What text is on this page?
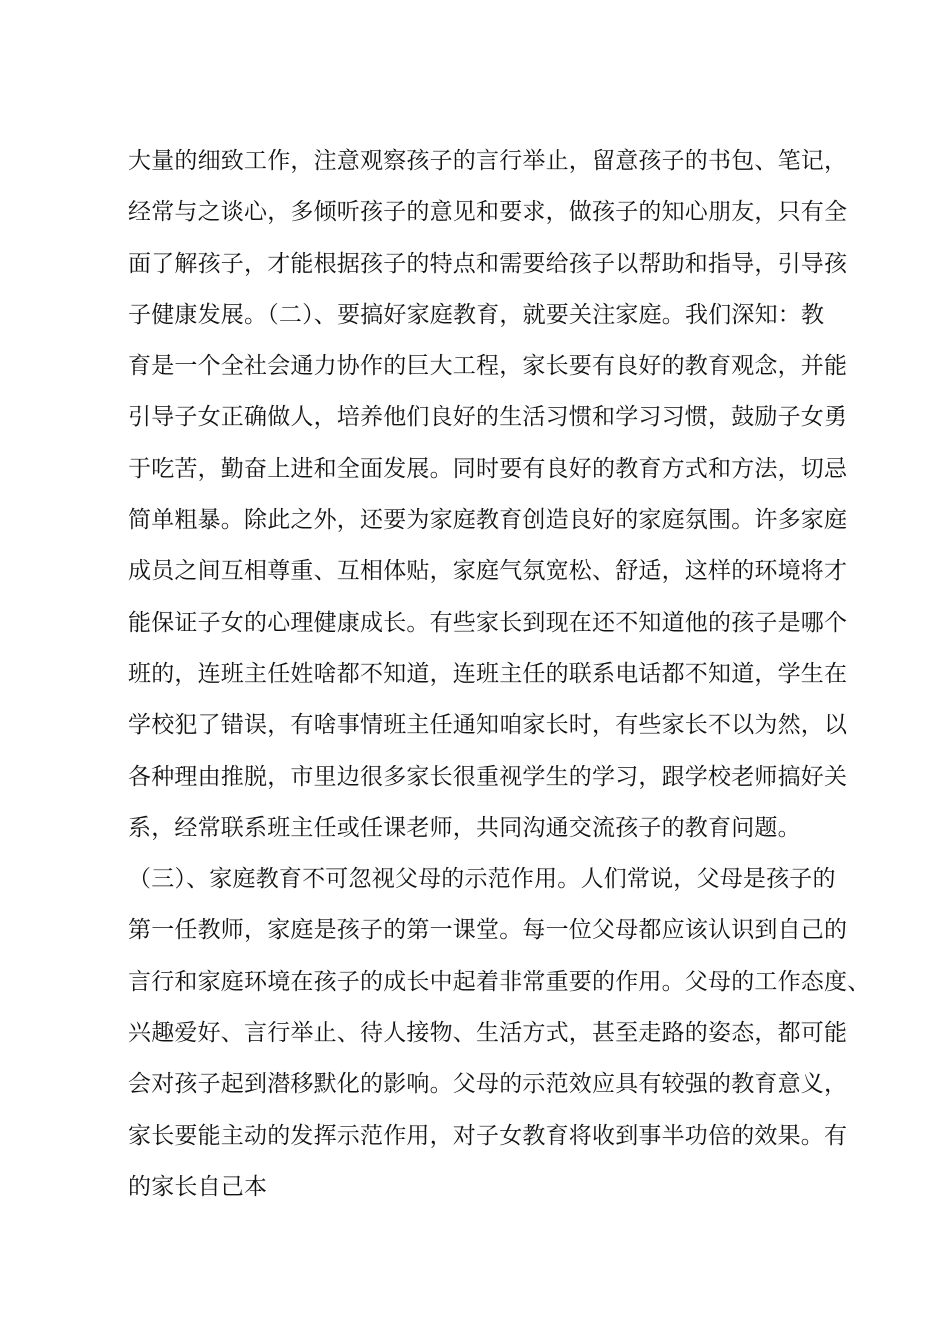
大量的细致工作，注意观察孩子的言行举止，留意孩子的书包、笔记，
经常与之谈心，多倾听孩子的意见和要求，做孩子的知心朋友，只有全
面了解孩子，才能根据孩子的特点和需要给孩子以帮助和指导，引导孩
子健康发展。（二）、要搞好家庭教育，就要关注家庭。我们深知：教
育是一个全社会通力协作的巨大工程，家长要有良好的教育观念，并能
引导子女正确做人，培养他们良好的生活习惯和学习习惯，鼓励子女勇
于吃苦，勤奋上进和全面发展。同时要有良好的教育方式和方法，切忌
简单粗暴。除此之外，还要为家庭教育创造良好的家庭氛围。许多家庭
成员之间互相尊重、互相体贴，家庭气氛宽松、舒适，这样的环境将才
能保证子女的心理健康成长。有些家长到现在还不知道他的孩子是哪个
班的，连班主任姓啥都不知道，连班主任的联系电话都不知道，学生在
学校犯了错误，有啥事情班主任通知咱家长时，有些家长不以为然，以
各种理由推脱，市里边很多家长很重视学生的学习，跟学校老师搞好关
系，经常联系班主任或任课老师，共同沟通交流孩子的教育问题。
（三）、家庭教育不可忽视父母的示范作用。人们常说，父母是孩子的
第一任教师，家庭是孩子的第一课堂。每一位父母都应该认识到自己的
言行和家庭环境在孩子的成长中起着非常重要的作用。父母的工作态度、
兴趣爱好、言行举止、待人接物、生活方式，甚至走路的姿态，都可能
会对孩子起到潜移默化的影响。父母的示范效应具有较强的教育意义，
家长要能主动的发挥示范作用，对子女教育将收到事半功倍的效果。有
的家长自己本
